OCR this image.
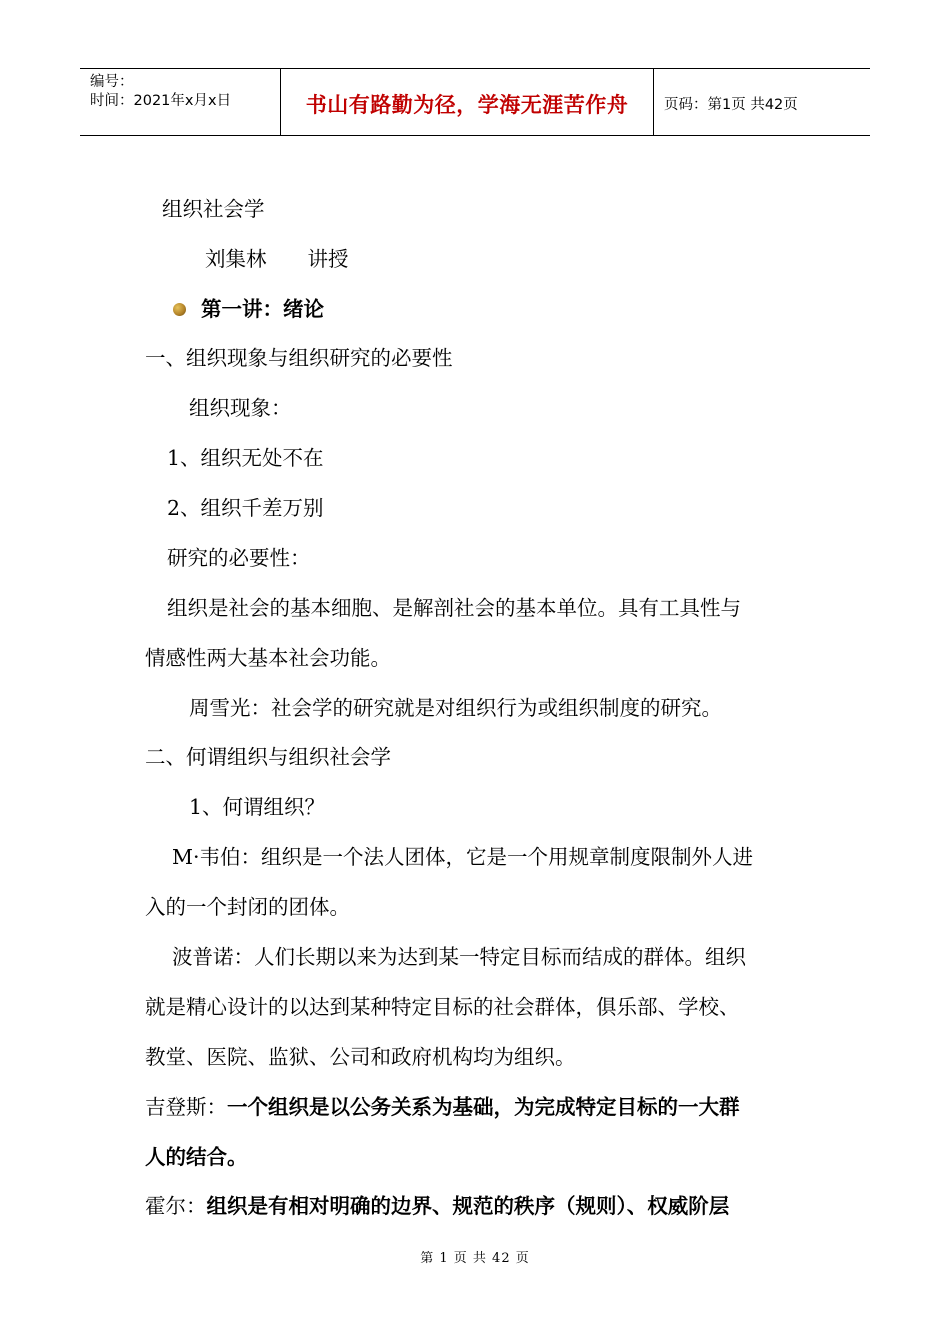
编号：
时间：2021年x月x日	书山有路勤为径，学海无涯苦作舟 页码：第1页 共42页
组织社会学
刘集林　　讲授
第一讲：绪论
一、组织现象与组织研究的必要性
组织现象：
1、组织无处不在
2、组织千差万别
研究的必要性：
组织是社会的基本细胞、是解剖社会的基本单位。具有工具性与
情感性两大基本社会功能。
周雪光：社会学的研究就是对组织行为或组织制度的研究。
二、何谓组织与组织社会学
1、何谓组织？
M·韦伯：组织是一个法人团体，它是一个用规章制度限制外人进
入的一个封闭的团体。
波普诺：人们长期以来为达到某一特定目标而结成的群体。组织
就是精心设计的以达到某种特定目标的社会群体，俱乐部、学校、
教堂、医院、监狱、公司和政府机构均为组织。
吉登斯：一个组织是以公务关系为基础，为完成特定目标的一大群
人的结合。
霍尔：组织是有相对明确的边界、规范的秩序（规则）、权威阶层
第 1 页 共 42 页
